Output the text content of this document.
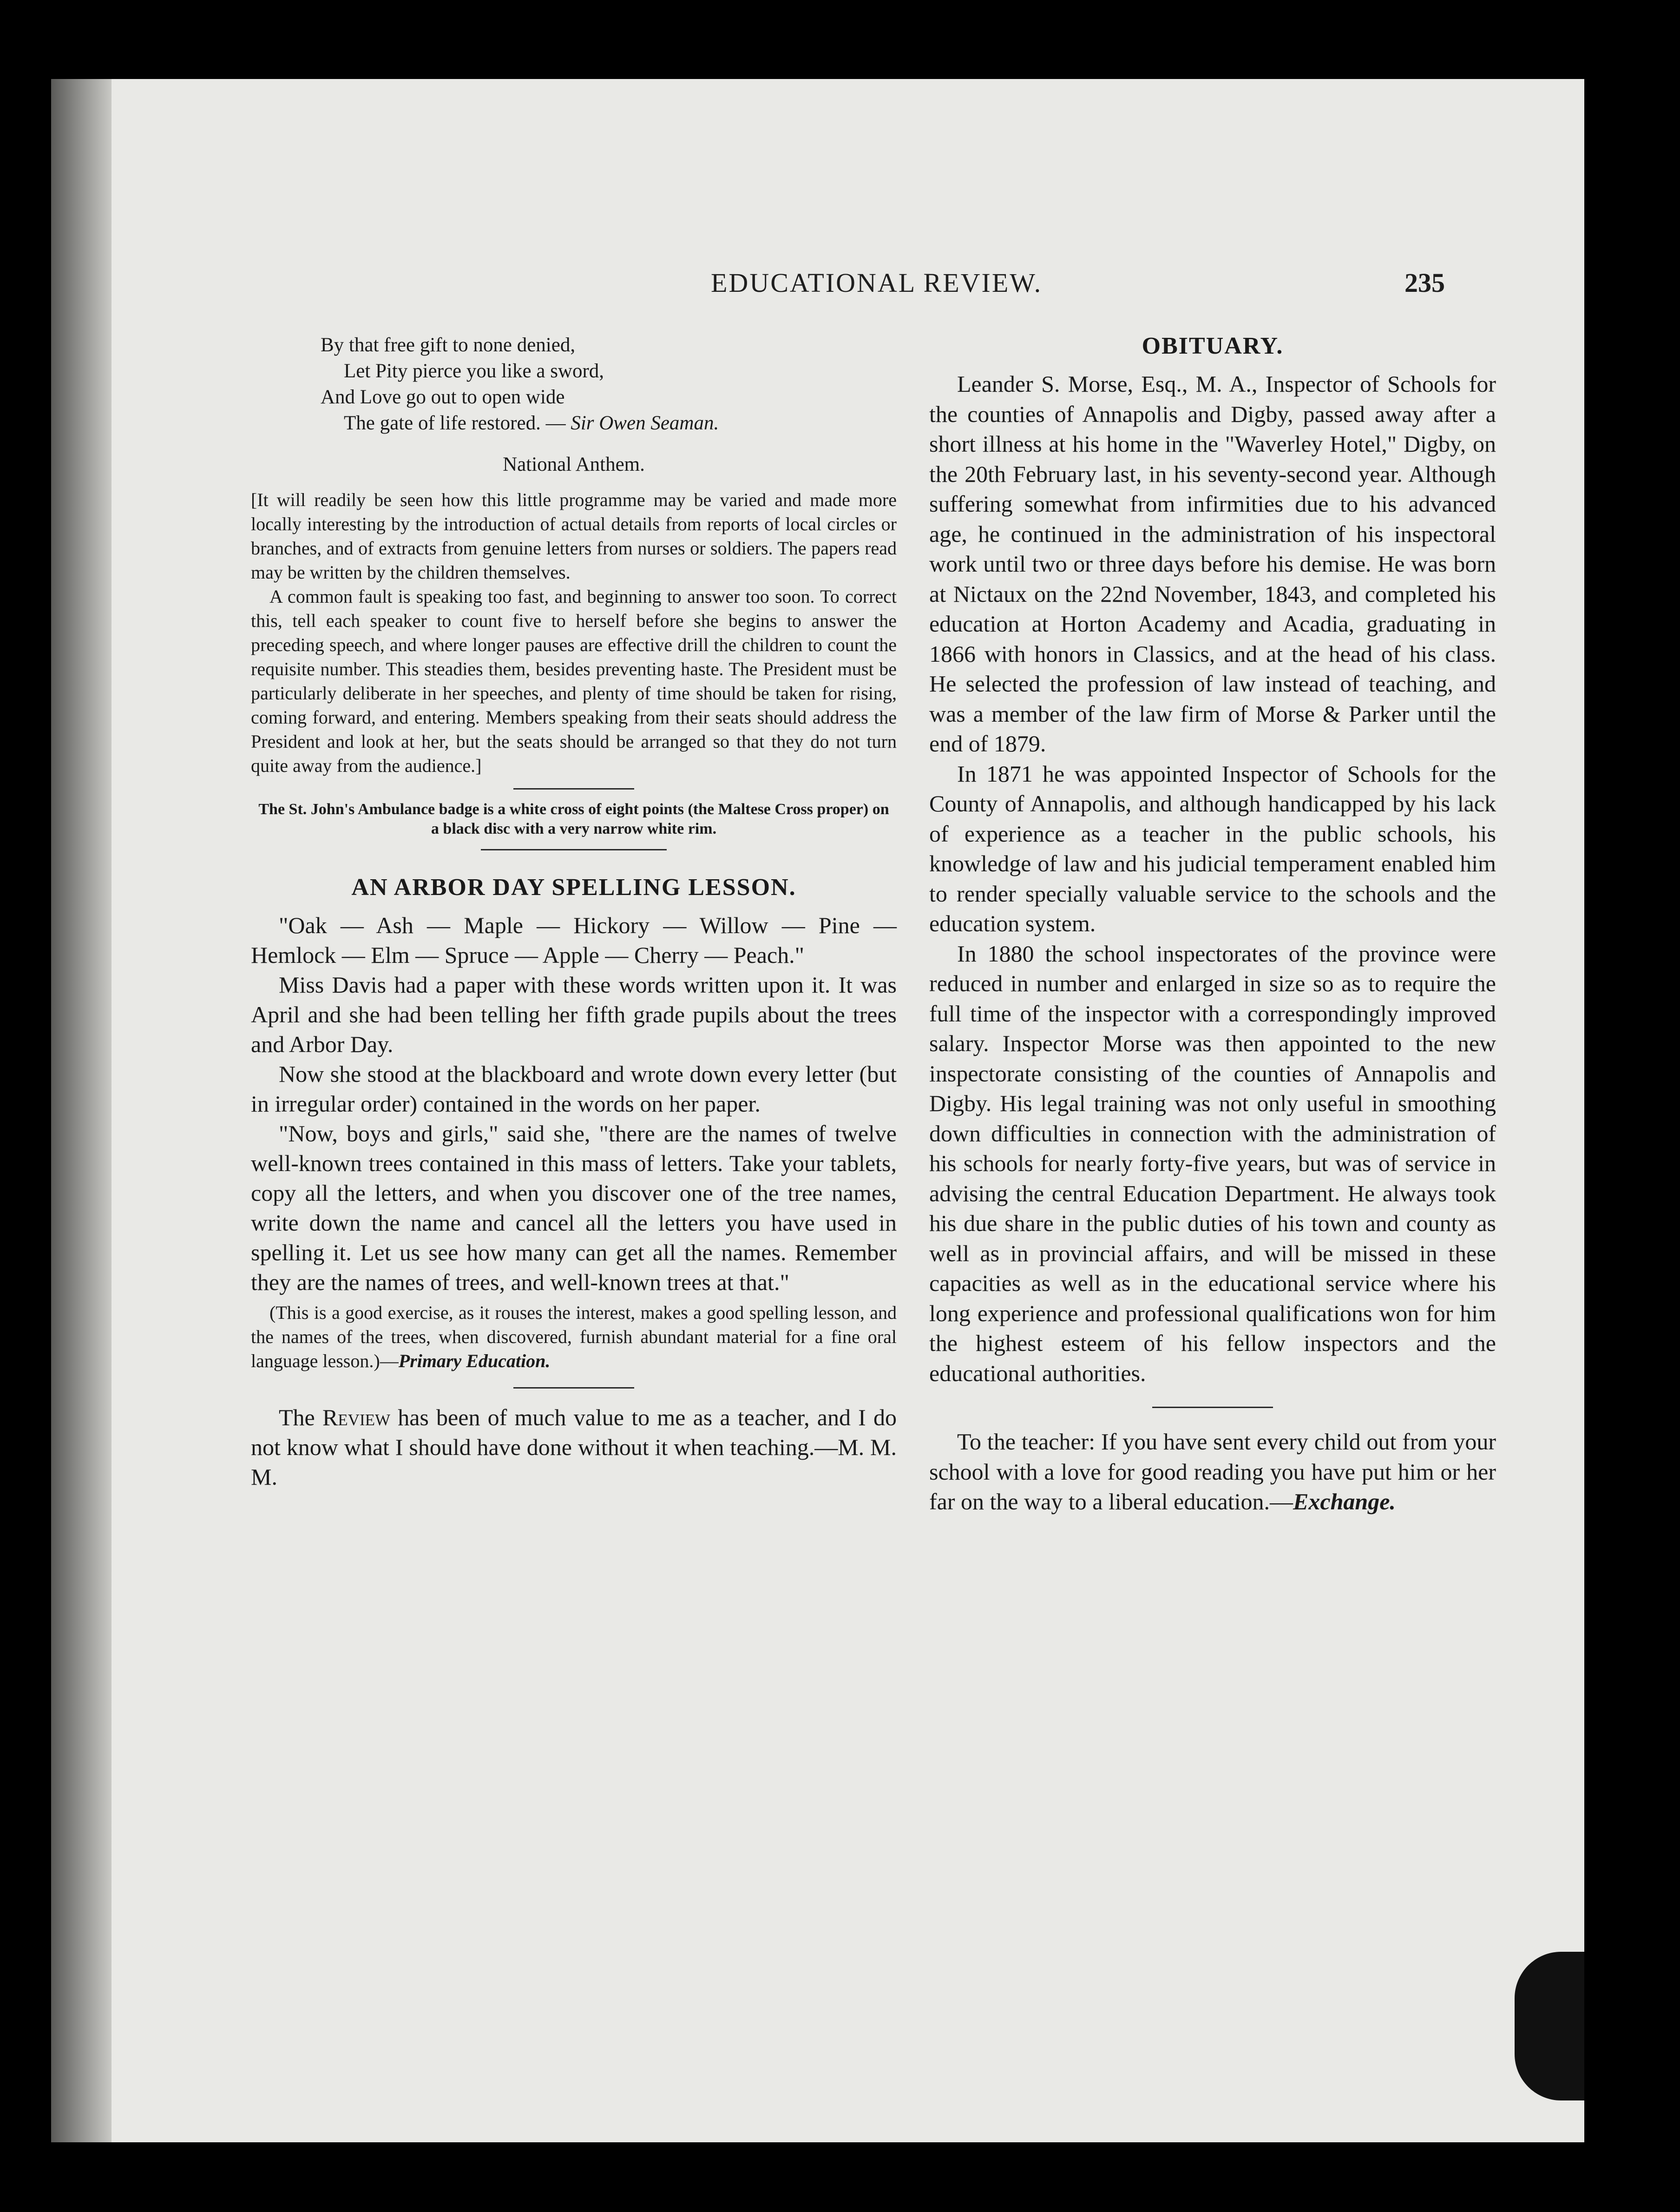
EDUCATIONAL REVIEW.	235
By that free gift to none denied,
Let Pity pierce you like a sword,
And Love go out to open wide
The gate of life restored. — Sir Owen Seaman.
National Anthem.

[It will readily be seen how this little programme may be varied and made more locally interesting by the introduction of actual details from reports of local circles or branches, and of extracts from genuine letters from nurses or soldiers. The papers read may be written by the children themselves.

A common fault is speaking too fast, and beginning to answer too soon. To correct this, tell each speaker to count five to herself before she begins to answer the preceding speech, and where longer pauses are effective drill the children to count the requisite number. This steadies them, besides preventing haste. The President must be particularly deliberate in her speeches, and plenty of time should be taken for rising, coming forward, and entering. Members speaking from their seats should address the President and look at her, but the seats should be arranged so that they do not turn quite away from the audience.]

The St. John's Ambulance badge is a white cross of eight points (the Maltese Cross proper) on a black disc with a very narrow white rim.

AN ARBOR DAY SPELLING LESSON.

"Oak — Ash — Maple — Hickory — Willow — Pine — Hemlock — Elm — Spruce — Apple — Cherry — Peach."

Miss Davis had a paper with these words written upon it. It was April and she had been telling her fifth grade pupils about the trees and Arbor Day.

Now she stood at the blackboard and wrote down every letter (but in irregular order) contained in the words on her paper.

"Now, boys and girls," said she, "there are the names of twelve well-known trees contained in this mass of letters. Take your tablets, copy all the letters, and when you discover one of the tree names, write down the name and cancel all the letters you have used in spelling it. Let us see how many can get all the names. Remember they are the names of trees, and well-known trees at that."

(This is a good exercise, as it rouses the interest, makes a good spelling lesson, and the names of the trees, when discovered, furnish abundant material for a fine oral language lesson.)—Primary Education.

The Review has been of much value to me as a teacher, and I do not know what I should have done without it when teaching.—M. M. M.

OBITUARY.

Leander S. Morse, Esq., M. A., Inspector of Schools for the counties of Annapolis and Digby, passed away after a short illness at his home in the "Waverley Hotel," Digby, on the 20th February last, in his seventy-second year. Although suffering somewhat from infirmities due to his advanced age, he continued in the administration of his inspectoral work until two or three days before his demise. He was born at Nictaux on the 22nd November, 1843, and completed his education at Horton Academy and Acadia, graduating in 1866 with honors in Classics, and at the head of his class. He selected the profession of law instead of teaching, and was a member of the law firm of Morse & Parker until the end of 1879.

In 1871 he was appointed Inspector of Schools for the County of Annapolis, and although handicapped by his lack of experience as a teacher in the public schools, his knowledge of law and his judicial temperament enabled him to render specially valuable service to the schools and the education system.

In 1880 the school inspectorates of the province were reduced in number and enlarged in size so as to require the full time of the inspector with a correspondingly improved salary. Inspector Morse was then appointed to the new inspectorate consisting of the counties of Annapolis and Digby. His legal training was not only useful in smoothing down difficulties in connection with the administration of his schools for nearly forty-five years, but was of service in advising the central Education Department. He always took his due share in the public duties of his town and county as well as in provincial affairs, and will be missed in these capacities as well as in the educational service where his long experience and professional qualifications won for him the highest esteem of his fellow inspectors and the educational authorities.

To the teacher: If you have sent every child out from your school with a love for good reading you have put him or her far on the way to a liberal education.—Exchange.
